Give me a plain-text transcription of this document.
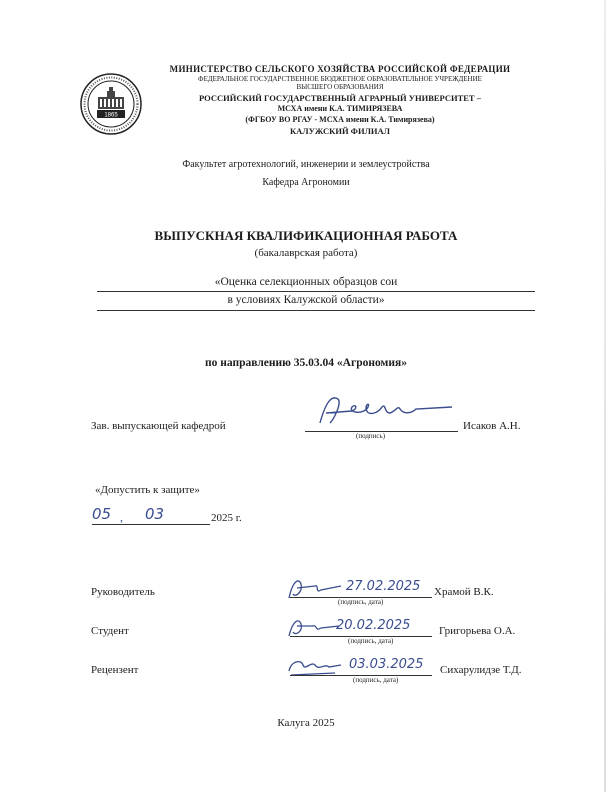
1865
МИНИСТЕРСТВО СЕЛЬСКОГО ХОЗЯЙСТВА РОССИЙСКОЙ ФЕДЕРАЦИИ
ФЕДЕРАЛЬНОЕ ГОСУДАРСТВЕННОЕ БЮДЖЕТНОЕ ОБРАЗОВАТЕЛЬНОЕ УЧРЕЖДЕНИЕ
ВЫСШЕГО ОБРАЗОВАНИЯ
РОССИЙСКИЙ ГОСУДАРСТВЕННЫЙ АГРАРНЫЙ УНИВЕРСИТЕТ –
МСХА имени К.А. ТИМИРЯЗЕВА
(ФГБОУ ВО РГАУ - МСХА имени К.А. Тимирязева)
КАЛУЖСКИЙ ФИЛИАЛ
Факультет агротехнологий, инженерии и землеустройства
Кафедра Агрономии
ВЫПУСКНАЯ КВАЛИФИКАЦИОННАЯ РАБОТА
(бакалаврская работа)
«Оценка селекционных образцов сои
в условиях Калужской области»
по направлению 35.03.04 «Агрономия»
Зав. выпускающей кафедрой
(подпись)
Исаков А.Н.
«Допустить к защите»
05 , 03	2025 г.
Руководитель	27.02.2025
(подпись, дата)
Храмой В.К.
Студент	20.02.2025
(подпись, дата)
Григорьева О.А.
Рецензент	03.03.2025
(подпись, дата)
Сихарулидзе Т.Д.
Калуга 2025
